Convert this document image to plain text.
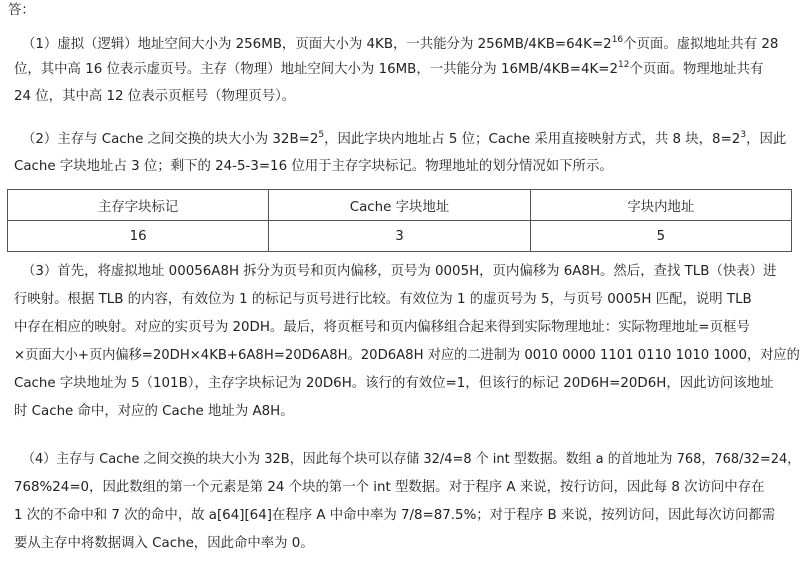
答：
（1）虚拟（逻辑）地址空间大小为 256MB，页面大小为 4KB，一共能分为 $256MB/4KB=64K=2^{16}$个页面。虚拟地址共有 28
位，其中高 16 位表示虚页号。主存（物理）地址空间大小为 16MB，一共能分为 $16MB/4KB=4K=2^{12}$个页面。物理地址共有
24 位，其中高 12 位表示页框号（物理页号）。
（2）主存与 Cache 之间交换的块大小为 $32B=2^5$，因此字块内地址占 5 位；Cache 采用直接映射方式，共 8 块，$8=2^3$，因此
Cache 字块地址占 3 位；剩下的 24-5-3=16 位用于主存字块标记。物理地址的划分情况如下所示。
主存字块标记	Cache 字块地址	字块内地址
16	3	5
（3）首先，将虚拟地址 00056A8H 拆分为页号和页内偏移，页号为 0005H，页内偏移为 6A8H。然后，查找 TLB（快表）进
行映射。根据 TLB 的内容，有效位为 1 的标记与页号进行比较。有效位为 1 的虚页号为 5，与页号 0005H 匹配，说明 TLB
中存在相应的映射。对应的实页号为 20DH。最后，将页框号和页内偏移组合起来得到实际物理地址：实际物理地址=页框号
×页面大小+页内偏移=20DH×4KB+6A8H=20D6A8H。20D6A8H 对应的二进制为 0010 0000 1101 0110 1010 1000，对应的
Cache 字块地址为 5（101B），主存字块标记为 20D6H。该行的有效位=1，但该行的标记 20D6H=20D6H，因此访问该地址
时 Cache 命中，对应的 Cache 地址为 A8H。
（4）主存与 Cache 之间交换的块大小为 32B，因此每个块可以存储 32/4=8 个 int 型数据。数组 a 的首地址为 768，768/32=24，
768%24=0，因此数组的第一个元素是第 24 个块的第一个 int 型数据。对于程序 A 来说，按行访问，因此每 8 次访问中存在
1 次的不命中和 7 次的命中，故 a[64][64]在程序 A 中命中率为 7/8=87.5%；对于程序 B 来说，按列访问，因此每次访问都需
要从主存中将数据调入 Cache，因此命中率为 0。
